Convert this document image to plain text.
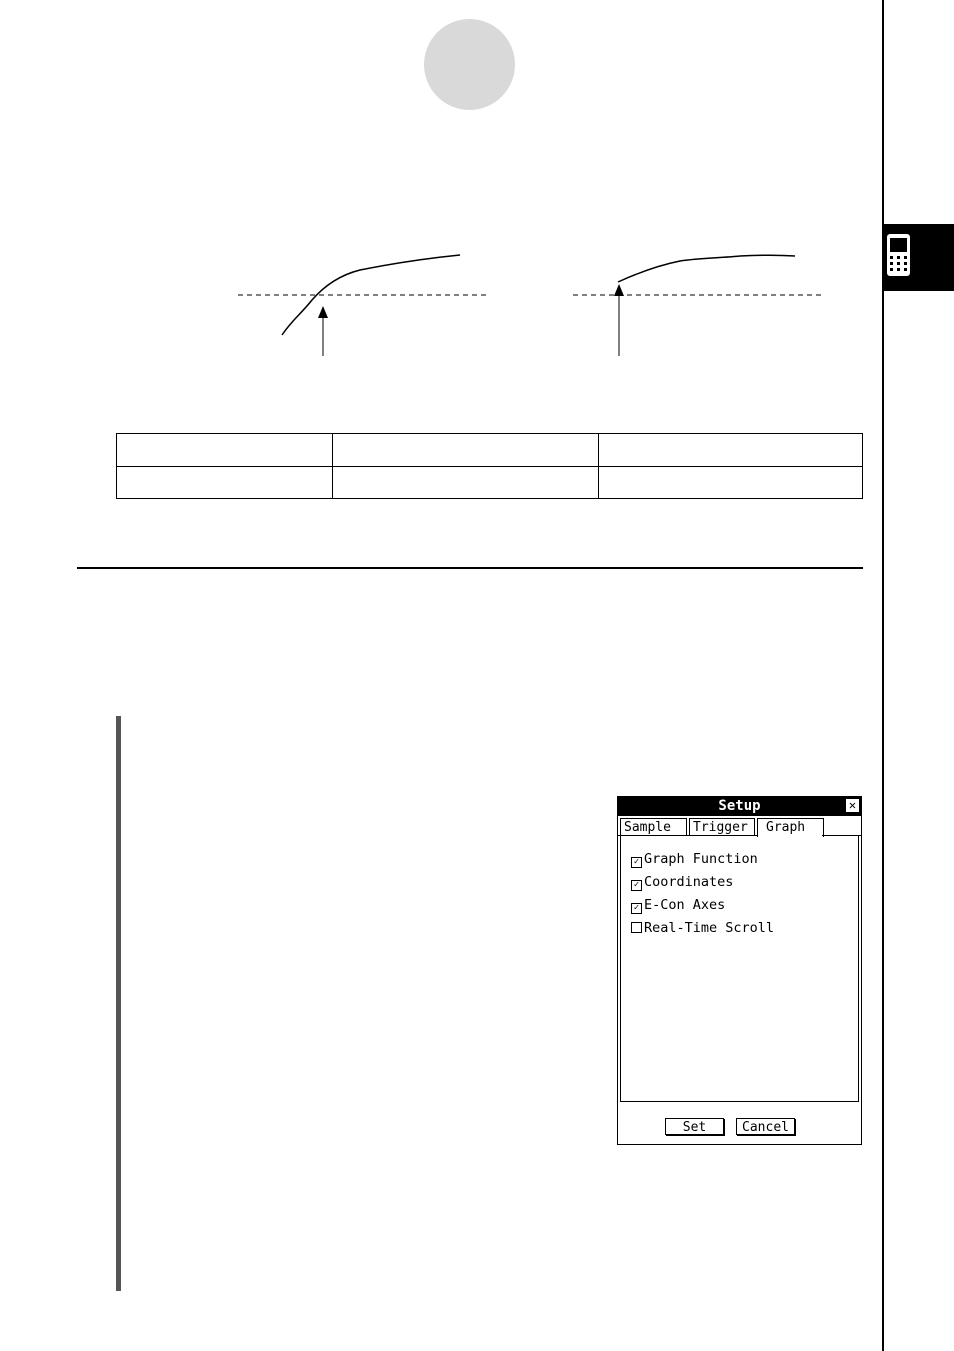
Setup	✕
Sample	Trigger	Graph
✓ Graph Function
✓ Coordinates
✓ E-Con Axes
Real-Time Scroll
Set	Cancel
